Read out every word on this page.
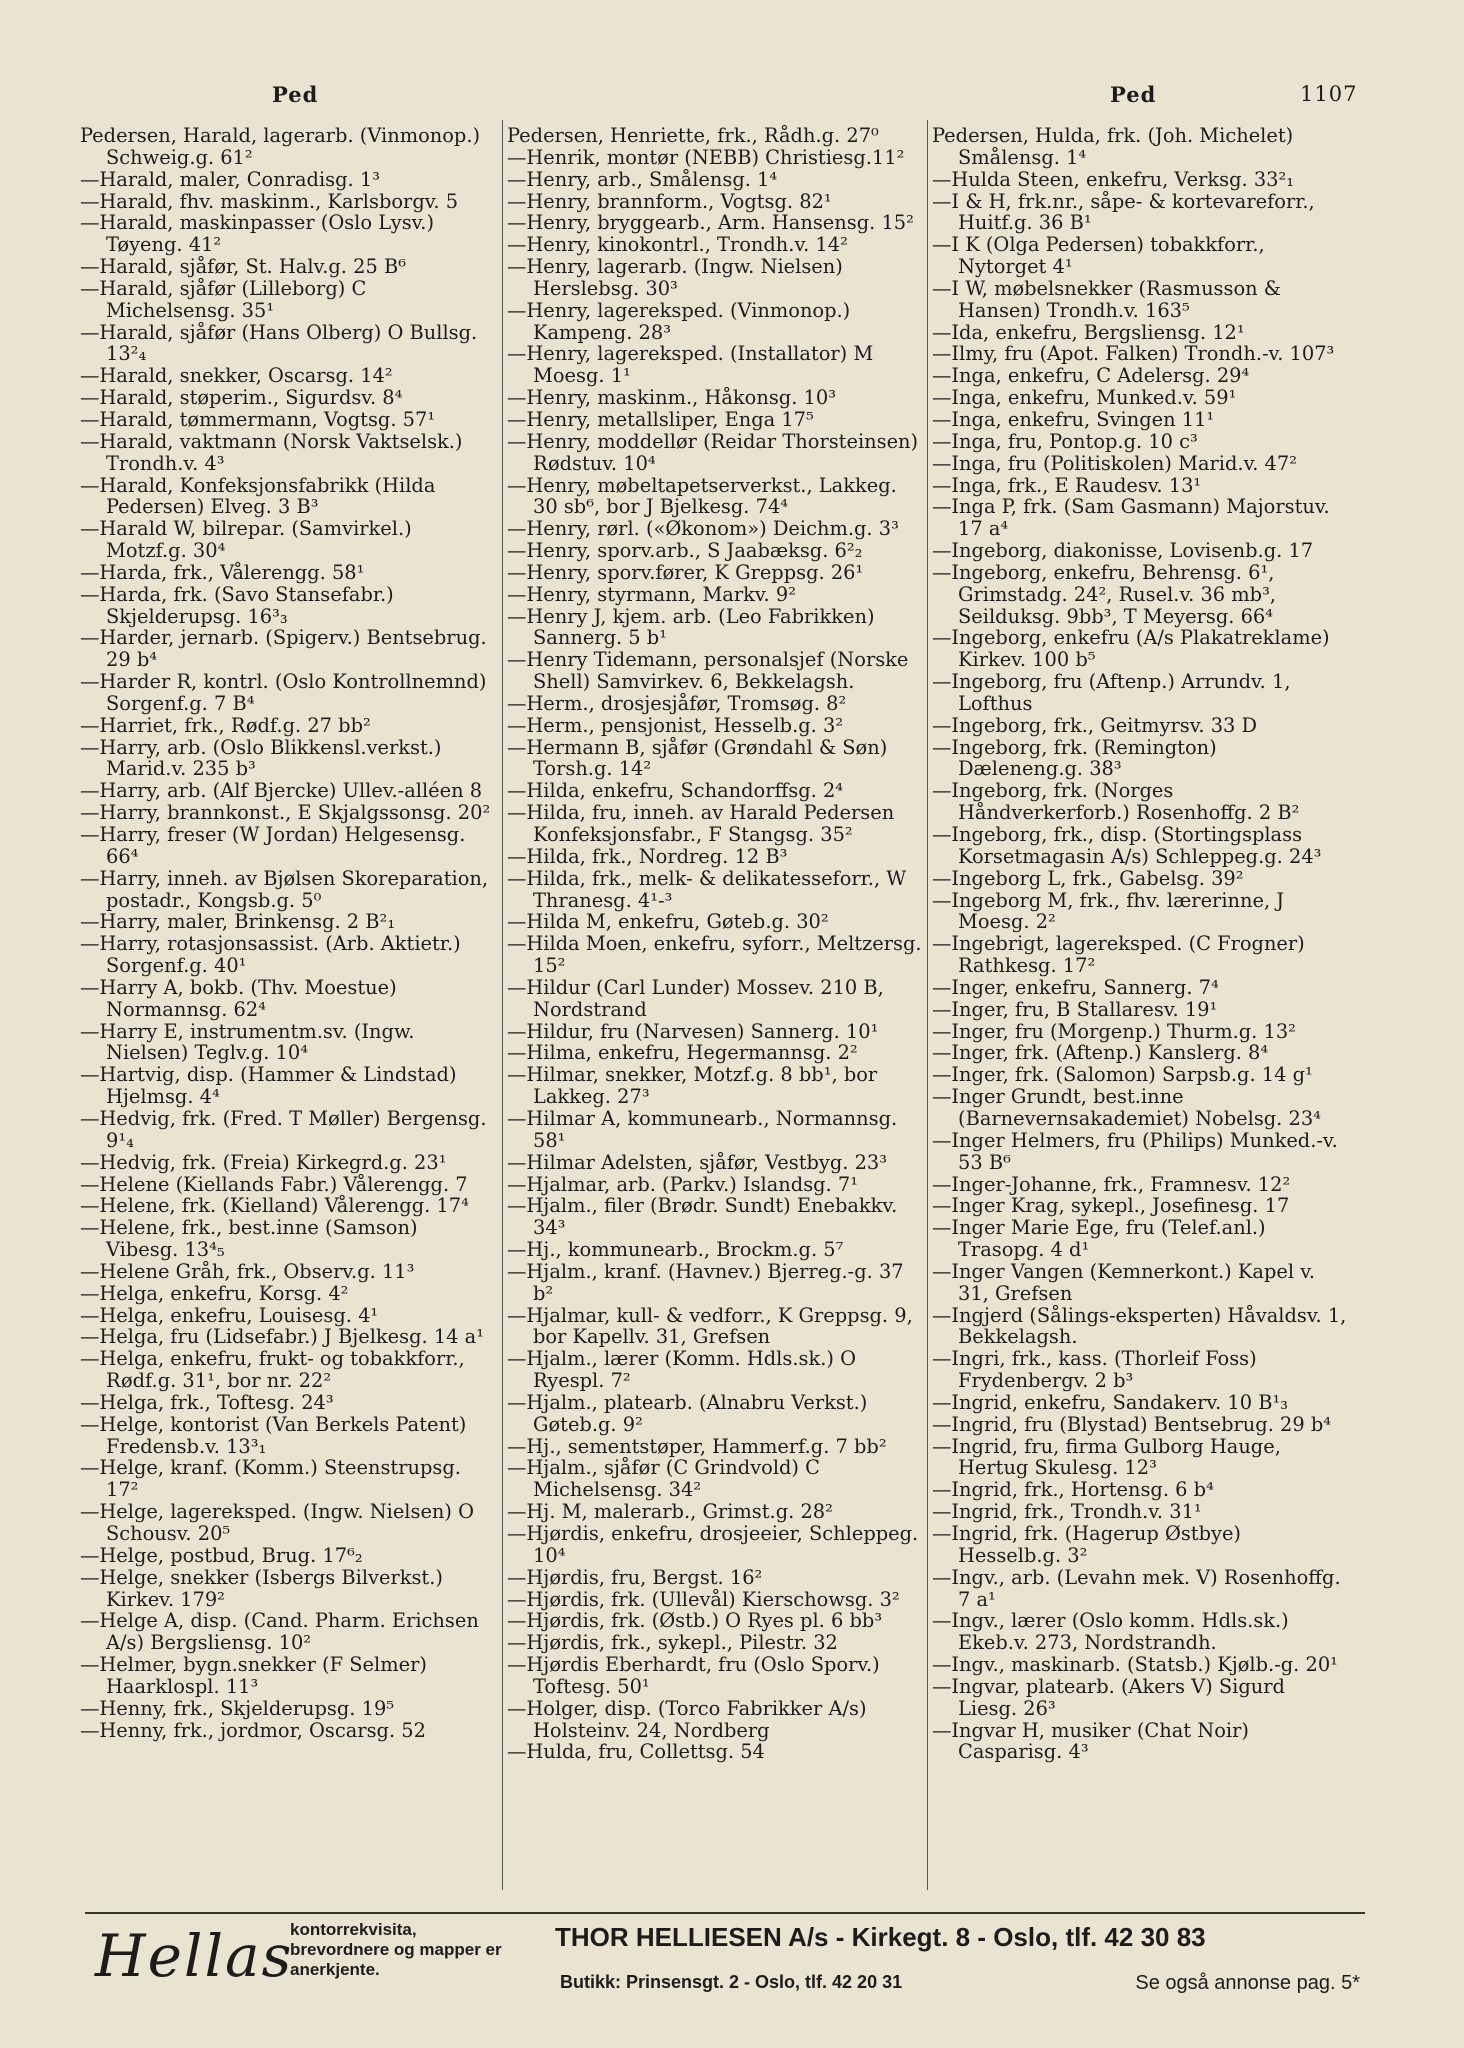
Ped	Ped	1107
Pedersen, Harald, lagerarb. (Vinmonop.) Schweig.g. 61²
—Harald, maler, Conradisg. 1³
—Harald, fhv. maskinm., Karlsborgv. 5
—Harald, maskinpasser (Oslo Lysv.) Tøyeng. 41²
—Harald, sjåfør, St. Halv.g. 25 B⁶
—Harald, sjåfør (Lilleborg) C Michelsensg. 35¹
—Harald, sjåfør (Hans Olberg) O Bullsg. 13²₄
—Harald, snekker, Oscarsg. 14²
—Harald, støperim., Sigurdsv. 8⁴
—Harald, tømmermann, Vogtsg. 57¹
—Harald, vaktmann (Norsk Vaktselsk.) Trondh.v. 4³
—Harald, Konfeksjonsfabrikk (Hilda Pedersen) Elveg. 3 B³
—Harald W, bilrepar. (Samvirkel.) Motzf.g. 30⁴
—Harda, frk., Vålerengg. 58¹
—Harda, frk. (Savo Stansefabr.) Skjelderupsg. 16³₃
—Harder, jernarb. (Spigerv.) Bentsebrug. 29 b⁴
—Harder R, kontrl. (Oslo Kontrollnemnd) Sorgenf.g. 7 B⁴
—Harriet, frk., Rødf.g. 27 bb²
—Harry, arb. (Oslo Blikkensl.verkst.) Marid.v. 235 b³
—Harry, arb. (Alf Bjercke) Ullev.-alléen 8
—Harry, brannkonst., E Skjalgssonsg. 20²
—Harry, freser (W Jordan) Helgesensg. 66⁴
—Harry, inneh. av Bjølsen Skoreparation, postadr., Kongsb.g. 5⁰
—Harry, maler, Brinkensg. 2 B²₁
—Harry, rotasjonsassist. (Arb. Aktietr.) Sorgenf.g. 40¹
—Harry A, bokb. (Thv. Moestue) Normannsg. 62⁴
—Harry E, instrumentm.sv. (Ingw. Nielsen) Teglv.g. 10⁴
—Hartvig, disp. (Hammer & Lindstad) Hjelmsg. 4⁴
—Hedvig, frk. (Fred. T Møller) Bergensg. 9¹₄
—Hedvig, frk. (Freia) Kirkegrd.g. 23¹
—Helene (Kiellands Fabr.) Vålerengg. 7
—Helene, frk. (Kielland) Vålerengg. 17⁴
—Helene, frk., best.inne (Samson) Vibesg. 13⁴₅
—Helene Gråh, frk., Observ.g. 11³
—Helga, enkefru, Korsg. 4²
—Helga, enkefru, Louisesg. 4¹
—Helga, fru (Lidsefabr.) J Bjelkesg. 14 a¹
—Helga, enkefru, frukt- og tobakkforr., Rødf.g. 31¹, bor nr. 22²
—Helga, frk., Toftesg. 24³
—Helge, kontorist (Van Berkels Patent) Fredensb.v. 13³₁
—Helge, kranf. (Komm.) Steenstrupsg. 17²
—Helge, lagereksped. (Ingw. Nielsen) O Schousv. 20⁵
—Helge, postbud, Brug. 17⁶₂
—Helge, snekker (Isbergs Bilverkst.) Kirkev. 179²
—Helge A, disp. (Cand. Pharm. Erichsen A/s) Bergsliensg. 10²
—Helmer, bygn.snekker (F Selmer) Haarklospl. 11³
—Henny, frk., Skjelderupsg. 19⁵
—Henny, frk., jordmor, Oscarsg. 52
Pedersen, Henriette, frk., Rådh.g. 27⁰
—Henrik, montør (NEBB) Christiesg.11²
—Henry, arb., Smålensg. 1⁴
—Henry, brannform., Vogtsg. 82¹
—Henry, bryggearb., Arm. Hansensg. 15²
—Henry, kinokontrl., Trondh.v. 14²
—Henry, lagerarb. (Ingw. Nielsen) Herslebsg. 30³
—Henry, lagereksped. (Vinmonop.) Kampeng. 28³
—Henry, lagereksped. (Installator) M Moesg. 1¹
—Henry, maskinm., Håkonsg. 10³
—Henry, metallsliper, Enga 17⁵
—Henry, moddellør (Reidar Thorsteinsen) Rødstuv. 10⁴
—Henry, møbeltapetserverkst., Lakkeg. 30 sb⁶, bor J Bjelkesg. 74⁴
—Henry, rørl. («Økonom») Deichm.g. 3³
—Henry, sporv.arb., S Jaabæksg. 6²₂
—Henry, sporv.fører, K Greppsg. 26¹
—Henry, styrmann, Markv. 9²
—Henry J, kjem. arb. (Leo Fabrikken) Sannerg. 5 b¹
—Henry Tidemann, personalsjef (Norske Shell) Samvirkev. 6, Bekkelagsh.
—Herm., drosjesjåfør, Tromsøg. 8²
—Herm., pensjonist, Hesselb.g. 3²
—Hermann B, sjåfør (Grøndahl & Søn) Torsh.g. 14²
—Hilda, enkefru, Schandorffsg. 2⁴
—Hilda, fru, inneh. av Harald Pedersen Konfeksjonsfabr., F Stangsg. 35²
—Hilda, frk., Nordreg. 12 B³
—Hilda, frk., melk- & delikatesseforr., W Thranesg. 4¹-³
—Hilda M, enkefru, Gøteb.g. 30²
—Hilda Moen, enkefru, syforr., Meltzersg. 15²
—Hildur (Carl Lunder) Mossev. 210 B, Nordstrand
—Hildur, fru (Narvesen) Sannerg. 10¹
—Hilma, enkefru, Hegermannsg. 2²
—Hilmar, snekker, Motzf.g. 8 bb¹, bor Lakkeg. 27³
—Hilmar A, kommunearb., Normannsg. 58¹
—Hilmar Adelsten, sjåfør, Vestbyg. 23³
—Hjalmar, arb. (Parkv.) Islandsg. 7¹
—Hjalm., filer (Brødr. Sundt) Enebakkv. 34³
—Hj., kommunearb., Brockm.g. 5⁷
—Hjalm., kranf. (Havnev.) Bjerreg.-g. 37 b²
—Hjalmar, kull- & vedforr., K Greppsg. 9, bor Kapellv. 31, Grefsen
—Hjalm., lærer (Komm. Hdls.sk.) O Ryespl. 7²
—Hjalm., platearb. (Alnabru Verkst.) Gøteb.g. 9²
—Hj., sementstøper, Hammerf.g. 7 bb²
—Hjalm., sjåfør (C Grindvold) C Michelsensg. 34²
—Hj. M, malerarb., Grimst.g. 28²
—Hjørdis, enkefru, drosjeeier, Schleppeg. 10⁴
—Hjørdis, fru, Bergst. 16²
—Hjørdis, frk. (Ullevål) Kierschowsg. 3²
—Hjørdis, frk. (Østb.) O Ryes pl. 6 bb³
—Hjørdis, frk., sykepl., Pilestr. 32
—Hjørdis Eberhardt, fru (Oslo Sporv.) Toftesg. 50¹
—Holger, disp. (Torco Fabrikker A/s) Holsteinv. 24, Nordberg
—Hulda, fru, Collettsg. 54
Pedersen, Hulda, frk. (Joh. Michelet) Smålensg. 1⁴
—Hulda Steen, enkefru, Verksg. 33²₁
—I & H, frk.nr., såpe- & kortevareforr., Huitf.g. 36 B¹
—I K (Olga Pedersen) tobakkforr., Nytorget 4¹
—I W, møbelsnekker (Rasmusson & Hansen) Trondh.v. 163⁵
—Ida, enkefru, Bergsliensg. 12¹
—Ilmy, fru (Apot. Falken) Trondh.-v. 107³
—Inga, enkefru, C Adelersg. 29⁴
—Inga, enkefru, Munked.v. 59¹
—Inga, enkefru, Svingen 11¹
—Inga, fru, Pontop.g. 10 c³
—Inga, fru (Politiskolen) Marid.v. 47²
—Inga, frk., E Raudesv. 13¹
—Inga P, frk. (Sam Gasmann) Majorstuv. 17 a⁴
—Ingeborg, diakonisse, Lovisenb.g. 17
—Ingeborg, enkefru, Behrensg. 6¹, Grimstadg. 24², Rusel.v. 36 mb³, Seilduksg. 9bb³, T Meyersg. 66⁴
—Ingeborg, enkefru (A/s Plakatreklame) Kirkev. 100 b⁵
—Ingeborg, fru (Aftenp.) Arrundv. 1, Lofthus
—Ingeborg, frk., Geitmyrsv. 33 D
—Ingeborg, frk. (Remington) Dæleneng.g. 38³
—Ingeborg, frk. (Norges Håndverkerforb.) Rosenhoffg. 2 B²
—Ingeborg, frk., disp. (Stortingsplass Korsetmagasin A/s) Schleppeg.g. 24³
—Ingeborg L, frk., Gabelsg. 39²
—Ingeborg M, frk., fhv. lærerinne, J Moesg. 2²
—Ingebrigt, lagereksped. (C Frogner) Rathkesg. 17²
—Inger, enkefru, Sannerg. 7⁴
—Inger, fru, B Stallaresv. 19¹
—Inger, fru (Morgenp.) Thurm.g. 13²
—Inger, frk. (Aftenp.) Kanslerg. 8⁴
—Inger, frk. (Salomon) Sarpsb.g. 14 g¹
—Inger Grundt, best.inne (Barnevernsakademiet) Nobelsg. 23⁴
—Inger Helmers, fru (Philips) Munked.-v. 53 B⁶
—Inger-Johanne, frk., Framnesv. 12²
—Inger Krag, sykepl., Josefinesg. 17
—Inger Marie Ege, fru (Telef.anl.) Trasopg. 4 d¹
—Inger Vangen (Kemnerkont.) Kapel v. 31, Grefsen
—Ingjerd (Sålings-eksperten) Håvaldsv. 1, Bekkelagsh.
—Ingri, frk., kass. (Thorleif Foss) Frydenbergv. 2 b³
—Ingrid, enkefru, Sandakerv. 10 B¹₃
—Ingrid, fru (Blystad) Bentsebrug. 29 b⁴
—Ingrid, fru, firma Gulborg Hauge, Hertug Skulesg. 12³
—Ingrid, frk., Hortensg. 6 b⁴
—Ingrid, frk., Trondh.v. 31¹
—Ingrid, frk. (Hagerup Østbye) Hesselb.g. 3²
—Ingv., arb. (Levahn mek. V) Rosenhoffg. 7 a¹
—Ingv., lærer (Oslo komm. Hdls.sk.) Ekeb.v. 273, Nordstrandh.
—Ingv., maskinarb. (Statsb.) Kjølb.-g. 20¹
—Ingvar, platearb. (Akers V) Sigurd Liesg. 26³
—Ingvar H, musiker (Chat Noir) Casparisg. 4³
Hellas
kontorrekvisita, brevordnere og mapper er anerkjente.
THOR HELLIESEN A/s - Kirkegt. 8 - Oslo, tlf. 42 30 83
Butikk: Prinsensgt. 2 - Oslo, tlf. 42 20 31	Se også annonse pag. 5*
